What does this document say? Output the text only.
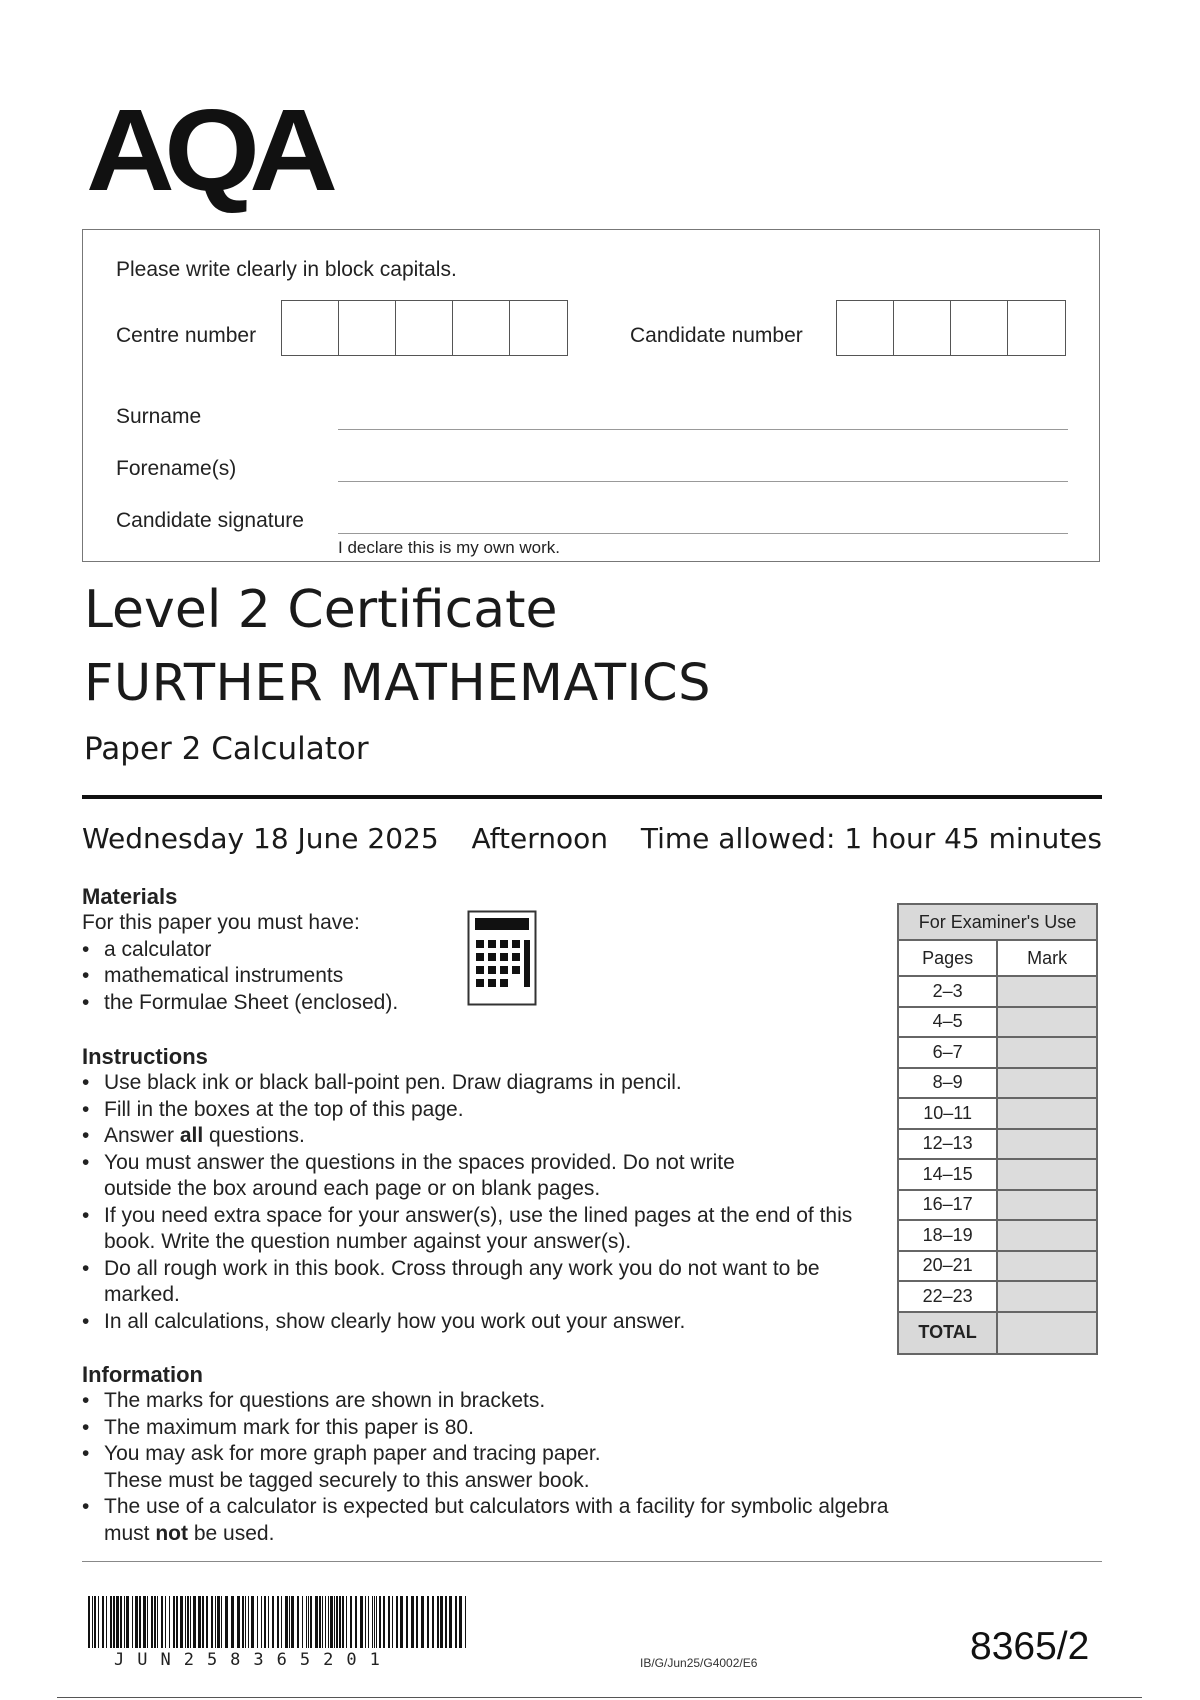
AQA
Please write clearly in block capitals.
Centre number	Candidate number
Surname
Forename(s)
Candidate signature
I declare this is my own work.
Level 2 Certificate
FURTHER MATHEMATICS
Paper 2 Calculator
Wednesday 18 June 2025 Afternoon Time allowed: 1 hour 45 minutes
Materials

For this paper you must have:

• a calculator
• mathematical instruments
• the Formulae Sheet (enclosed).
Instructions
• Use black ink or black ball-point pen. Draw diagrams in pencil.
• Fill in the boxes at the top of this page.
• Answer all questions.
• You must answer the questions in the spaces provided. Do not write outside the box around each page or on blank pages.
• If you need extra space for your answer(s), use the lined pages at the end of this book. Write the question number against your answer(s).
• Do all rough work in this book. Cross through any work you do not want to be marked.
• In all calculations, show clearly how you work out your answer.
Information
• The marks for questions are shown in brackets.
• The maximum mark for this paper is 80.
• You may ask for more graph paper and tracing paper. These must be tagged securely to this answer book.
• The use of a calculator is expected but calculators with a facility for symbolic algebra must not be used.
For Examiner's Use	
Pages	Mark
2–3	
4–5	
6–7	
8–9	
10–11	
12–13	
14–15	
16–17	
18–19	
20–21	
22–23	
TOTAL	
JUN258365201	IB/G/Jun25/G4002/E6	8365/2
